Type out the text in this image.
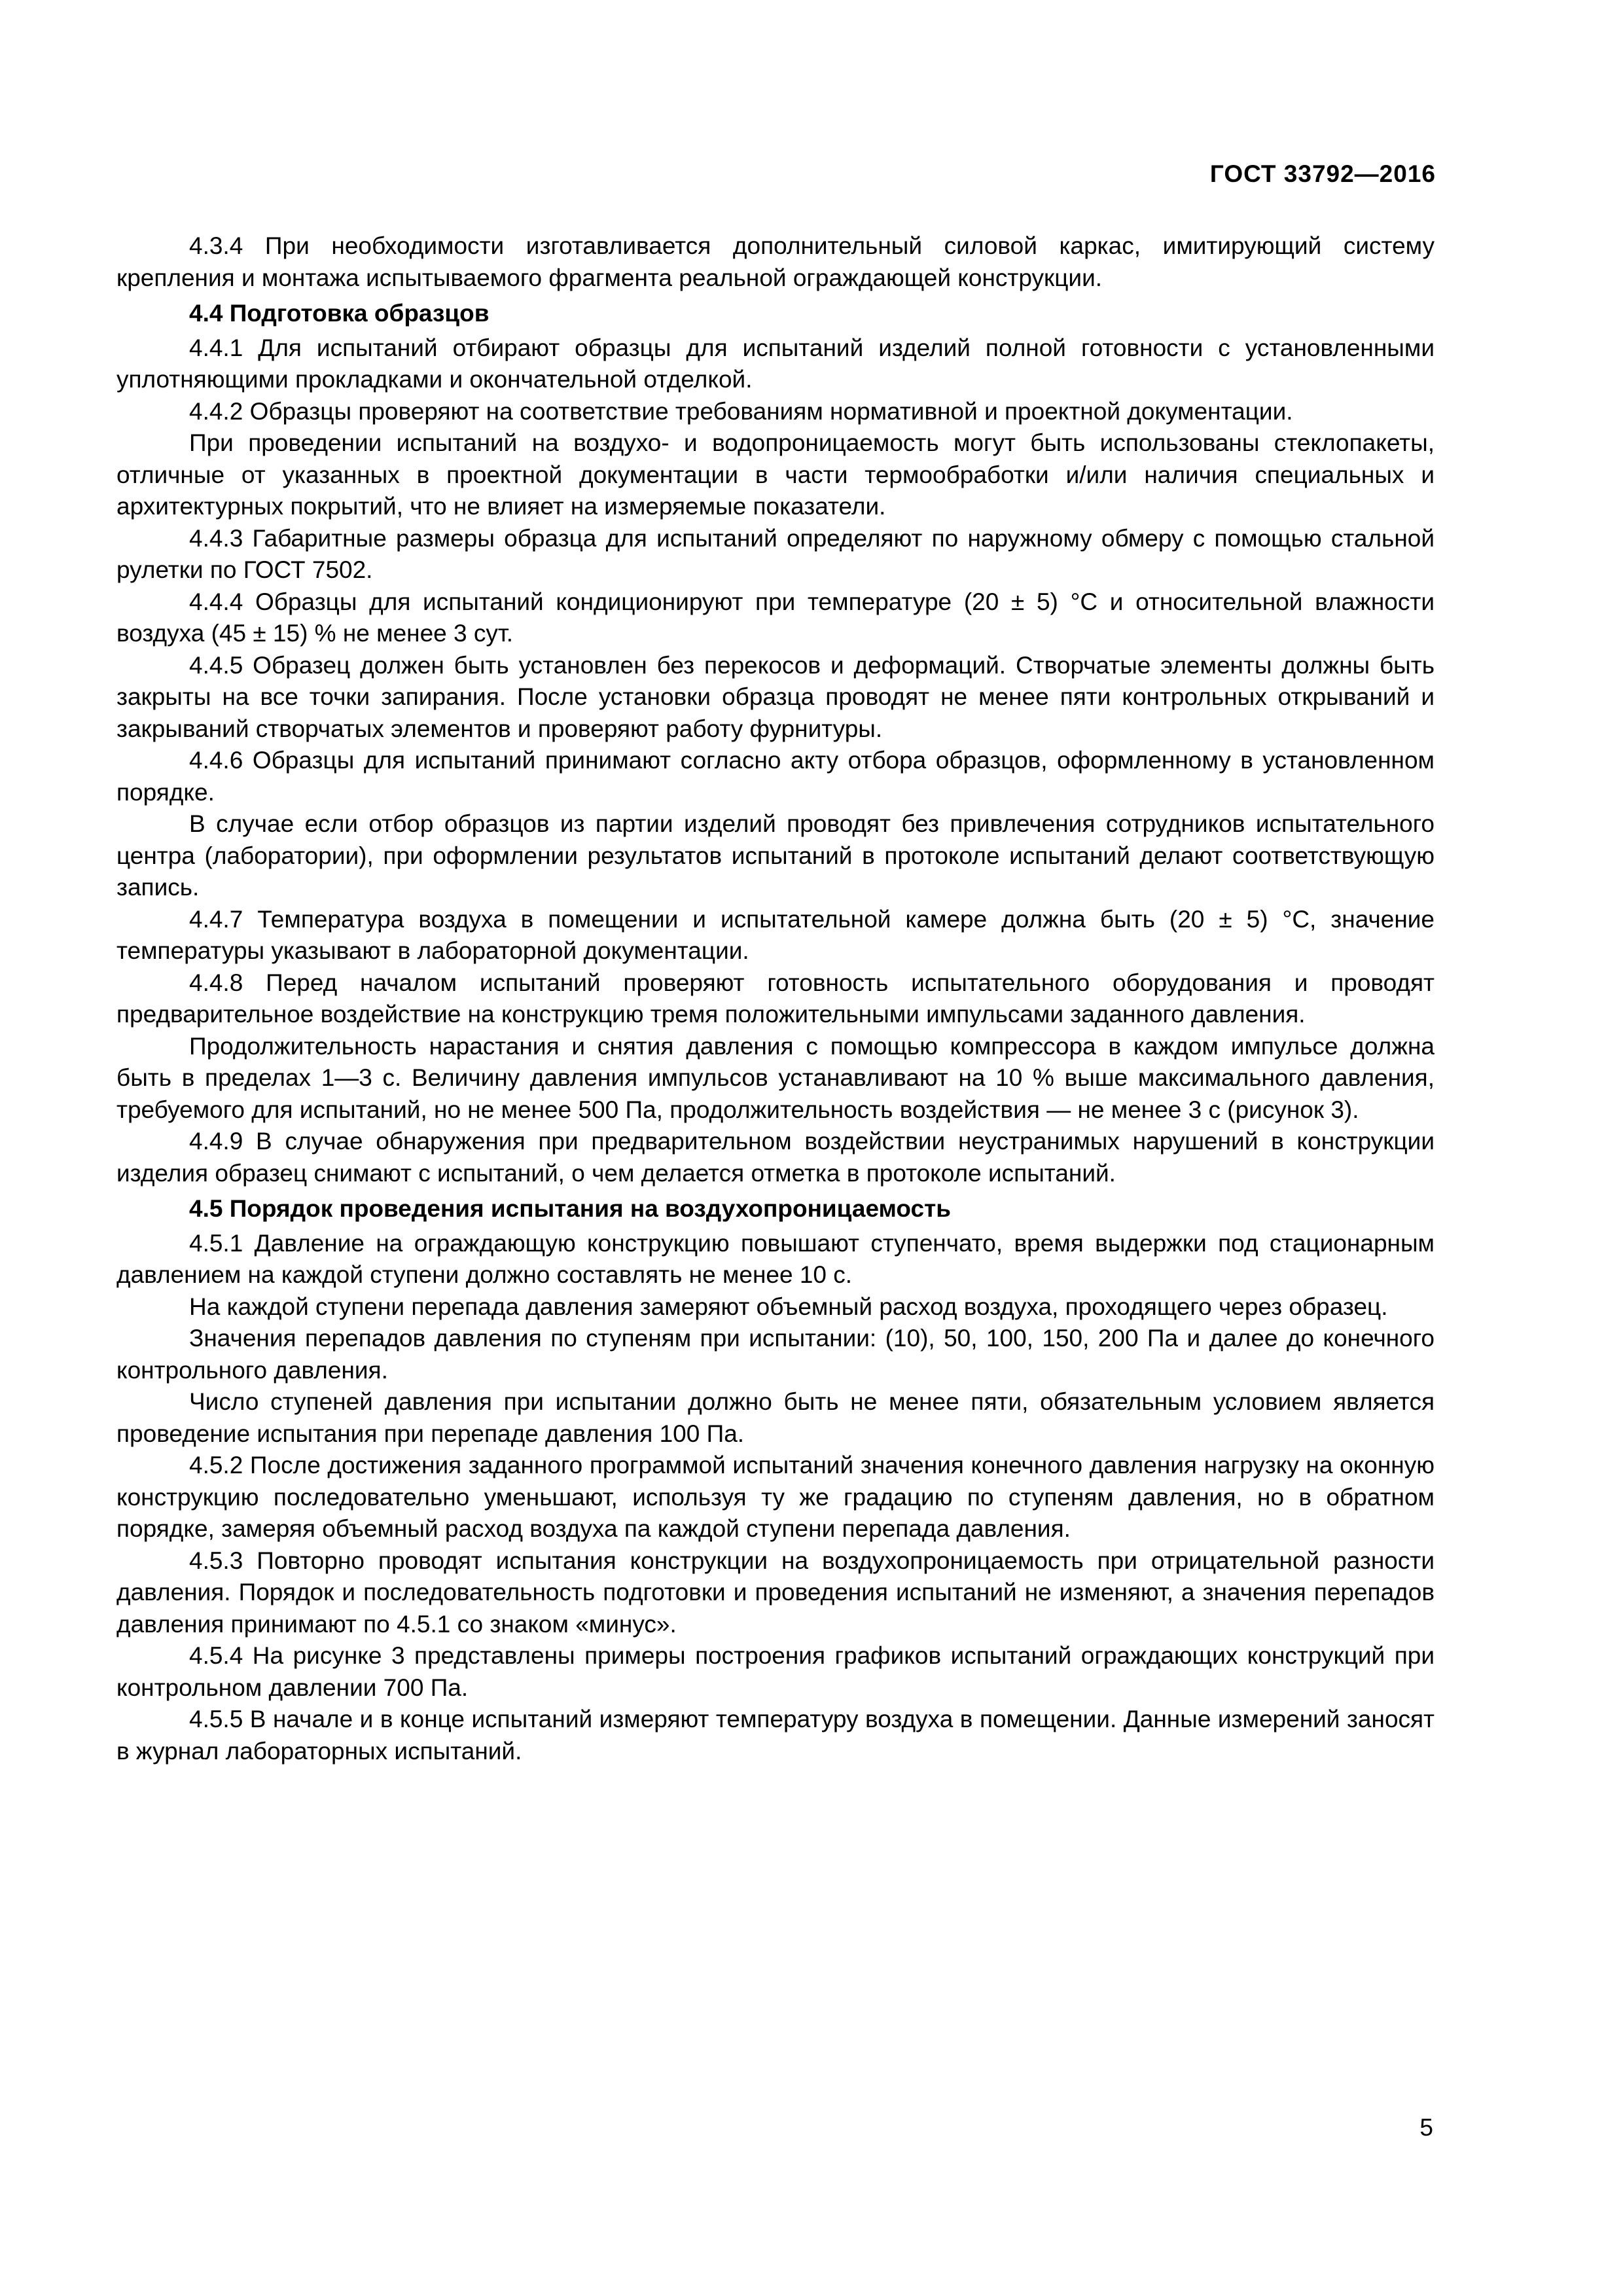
ГОСТ 33792—2016

4.3.4 При необходимости изготавливается дополнительный силовой каркас, имитирующий систему крепления и монтажа испытываемого фрагмента реальной ограждающей конструкции.

4.4 Подготовка образцов

4.4.1 Для испытаний отбирают образцы для испытаний изделий полной готовности с установленными уплотняющими прокладками и окончательной отделкой.

4.4.2 Образцы проверяют на соответствие требованиям нормативной и проектной документации.

При проведении испытаний на воздухо- и водопроницаемость могут быть использованы стеклопакеты, отличные от указанных в проектной документации в части термообработки и/или наличия специальных и архитектурных покрытий, что не влияет на измеряемые показатели.

4.4.3 Габаритные размеры образца для испытаний определяют по наружному обмеру с помощью стальной рулетки по ГОСТ 7502.

4.4.4 Образцы для испытаний кондиционируют при температуре (20 ± 5) °С и относительной влажности воздуха (45 ± 15) % не менее 3 сут.

4.4.5 Образец должен быть установлен без перекосов и деформаций. Створчатые элементы должны быть закрыты на все точки запирания. После установки образца проводят не менее пяти контрольных открываний и закрываний створчатых элементов и проверяют работу фурнитуры.

4.4.6 Образцы для испытаний принимают согласно акту отбора образцов, оформленному в установленном порядке.

В случае если отбор образцов из партии изделий проводят без привлечения сотрудников испытательного центра (лаборатории), при оформлении результатов испытаний в протоколе испытаний делают соответствующую запись.

4.4.7 Температура воздуха в помещении и испытательной камере должна быть (20 ± 5) °С, значение температуры указывают в лабораторной документации.

4.4.8 Перед началом испытаний проверяют готовность испытательного оборудования и проводят предварительное воздействие на конструкцию тремя положительными импульсами заданного давления.

Продолжительность нарастания и снятия давления с помощью компрессора в каждом импульсе должна быть в пределах 1—3 с. Величину давления импульсов устанавливают на 10 % выше максимального давления, требуемого для испытаний, но не менее 500 Па, продолжительность воздействия — не менее 3 с (рисунок 3).

4.4.9 В случае обнаружения при предварительном воздействии неустранимых нарушений в конструкции изделия образец снимают с испытаний, о чем делается отметка в протоколе испытаний.

4.5 Порядок проведения испытания на воздухопроницаемость

4.5.1 Давление на ограждающую конструкцию повышают ступенчато, время выдержки под стационарным давлением на каждой ступени должно составлять не менее 10 с.

На каждой ступени перепада давления замеряют объемный расход воздуха, проходящего через образец.

Значения перепадов давления по ступеням при испытании: (10), 50, 100, 150, 200 Па и далее до конечного контрольного давления.

Число ступеней давления при испытании должно быть не менее пяти, обязательным условием является проведение испытания при перепаде давления 100 Па.

4.5.2 После достижения заданного программой испытаний значения конечного давления нагрузку на оконную конструкцию последовательно уменьшают, используя ту же градацию по ступеням давления, но в обратном порядке, замеряя объемный расход воздуха па каждой ступени перепада давления.

4.5.3 Повторно проводят испытания конструкции на воздухопроницаемость при отрицательной разности давления. Порядок и последовательность подготовки и проведения испытаний не изменяют, а значения перепадов давления принимают по 4.5.1 со знаком «минус».

4.5.4 На рисунке 3 представлены примеры построения графиков испытаний ограждающих конструкций при контрольном давлении 700 Па.

4.5.5 В начале и в конце испытаний измеряют температуру воздуха в помещении. Данные измерений заносят в журнал лабораторных испытаний.

5
